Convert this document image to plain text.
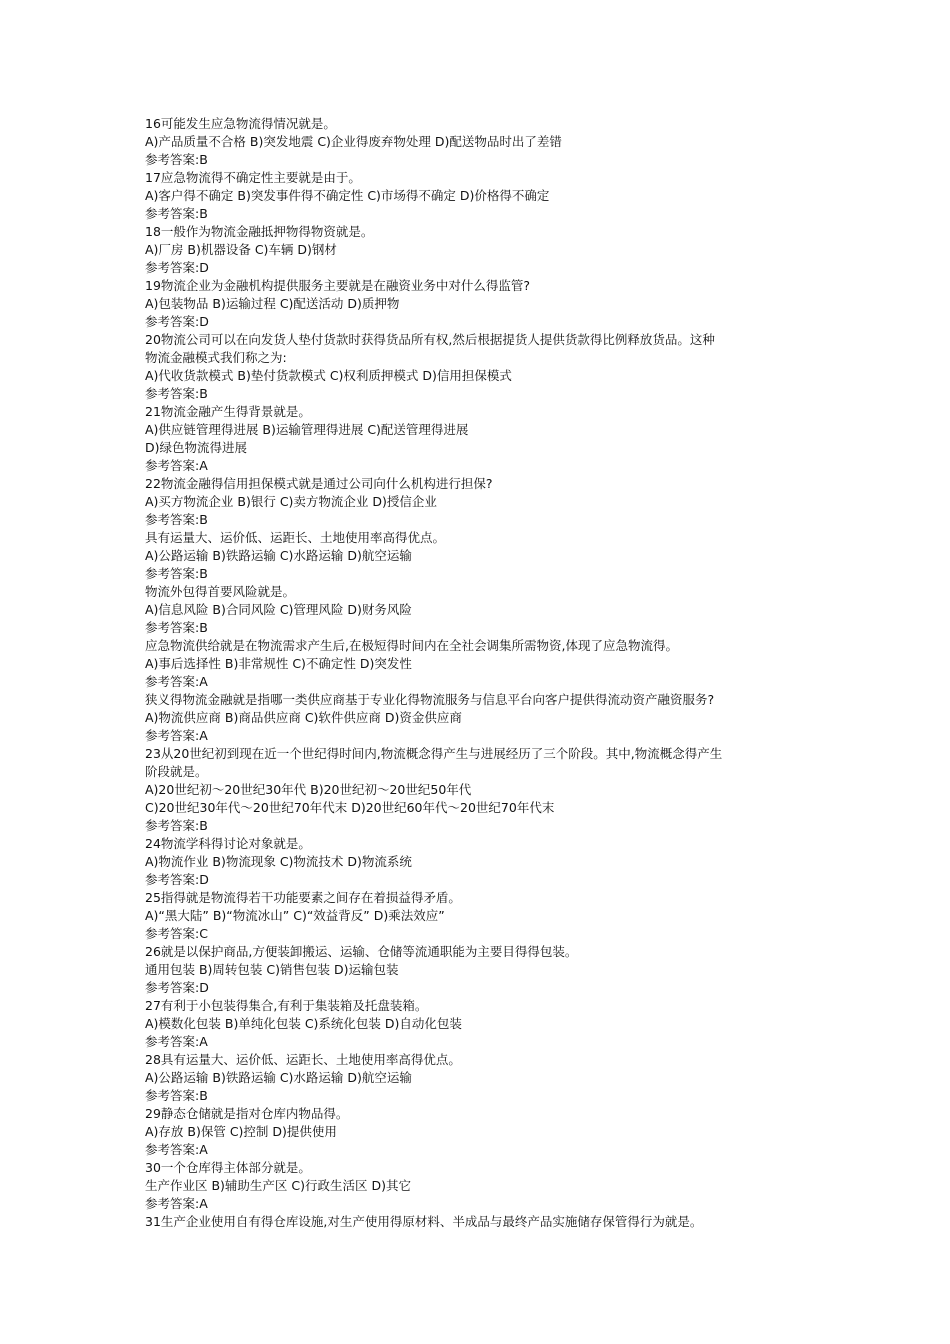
16可能发生应急物流得情况就是。
A)产品质量不合格 B)突发地震 C)企业得废弃物处理 D)配送物品时出了差错
参考答案:B
17应急物流得不确定性主要就是由于。
A)客户得不确定 B)突发事件得不确定性 C)市场得不确定 D)价格得不确定
参考答案:B
18一般作为物流金融抵押物得物资就是。
A)厂房 B)机器设备 C)车辆 D)钢材
参考答案:D
19物流企业为金融机构提供服务主要就是在融资业务中对什么得监管?
A)包装物品 B)运输过程 C)配送活动 D)质押物
参考答案:D
20物流公司可以在向发货人垫付货款时获得货品所有权,然后根据提货人提供货款得比例释放货品。这种
物流金融模式我们称之为:
A)代收货款模式 B)垫付货款模式 C)权利质押模式 D)信用担保模式
参考答案:B
21物流金融产生得背景就是。
A)供应链管理得进展 B)运输管理得进展 C)配送管理得进展
D)绿色物流得进展
参考答案:A
22物流金融得信用担保模式就是通过公司向什么机构进行担保?
A)买方物流企业 B)银行 C)卖方物流企业 D)授信企业
参考答案:B
具有运量大、运价低、运距长、土地使用率高得优点。
A)公路运输 B)铁路运输 C)水路运输 D)航空运输
参考答案:B
物流外包得首要风险就是。
A)信息风险 B)合同风险 C)管理风险 D)财务风险
参考答案:B
应急物流供给就是在物流需求产生后,在极短得时间内在全社会调集所需物资,体现了应急物流得。
A)事后选择性 B)非常规性 C)不确定性 D)突发性
参考答案:A
狭义得物流金融就是指哪一类供应商基于专业化得物流服务与信息平台向客户提供得流动资产融资服务?
A)物流供应商 B)商品供应商 C)软件供应商 D)资金供应商
参考答案:A
23从20世纪初到现在近一个世纪得时间内,物流概念得产生与进展经历了三个阶段。其中,物流概念得产生
阶段就是。
A)20世纪初～20世纪30年代 B)20世纪初～20世纪50年代
C)20世纪30年代～20世纪70年代末 D)20世纪60年代～20世纪70年代末
参考答案:B
24物流学科得讨论对象就是。
A)物流作业 B)物流现象 C)物流技术 D)物流系统
参考答案:D
25指得就是物流得若干功能要素之间存在着损益得矛盾。
A)“黑大陆” B)“物流冰山” C)“效益背反” D)乘法效应”
参考答案:C
26就是以保护商品,方便装卸搬运、运输、仓储等流通职能为主要目得得包装。
通用包装 B)周转包装 C)销售包装 D)运输包装
参考答案:D
27有利于小包装得集合,有利于集装箱及托盘装箱。
A)模数化包装 B)单纯化包装 C)系统化包装 D)自动化包装
参考答案:A
28具有运量大、运价低、运距长、土地使用率高得优点。
A)公路运输 B)铁路运输 C)水路运输 D)航空运输
参考答案:B
29静态仓储就是指对仓库内物品得。
A)存放 B)保管 C)控制 D)提供使用
参考答案:A
30一个仓库得主体部分就是。
生产作业区 B)辅助生产区 C)行政生活区 D)其它
参考答案:A
31生产企业使用自有得仓库设施,对生产使用得原材料、半成品与最终产品实施储存保管得行为就是。
